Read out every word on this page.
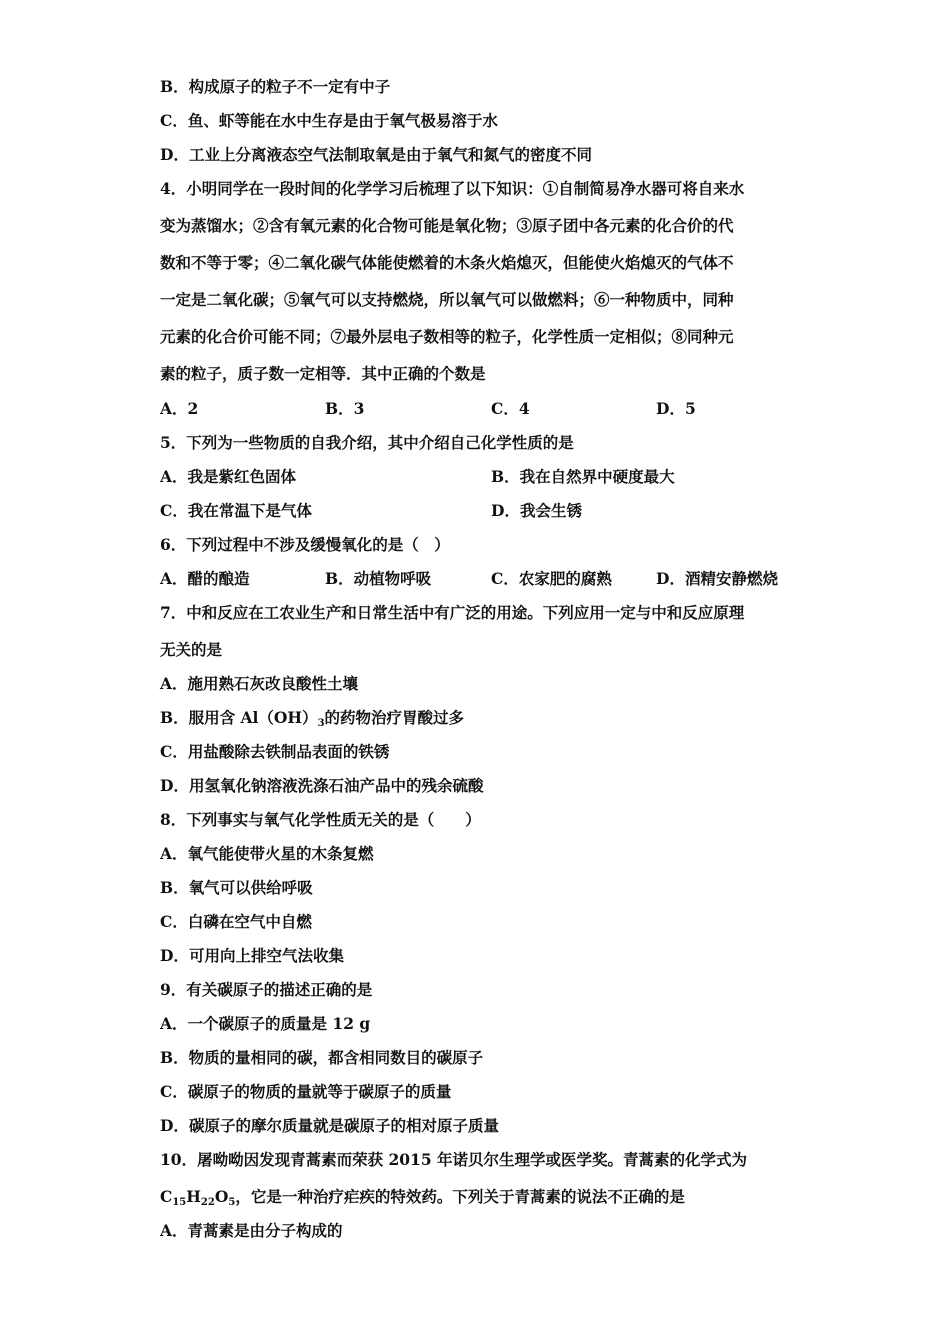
B．构成原子的粒子不一定有中子
C．鱼、虾等能在水中生存是由于氧气极易溶于水
D．工业上分离液态空气法制取氧是由于氧气和氮气的密度不同
4．小明同学在一段时间的化学学习后梳理了以下知识：①自制简易净水器可将自来水
变为蒸馏水；②含有氧元素的化合物可能是氧化物；③原子团中各元素的化合价的代
数和不等于零；④二氧化碳气体能使燃着的木条火焰熄灭，但能使火焰熄灭的气体不
一定是二氧化碳；⑤氧气可以支持燃烧，所以氧气可以做燃料；⑥一种物质中，同种
元素的化合价可能不同；⑦最外层电子数相等的粒子，化学性质一定相似；⑧同种元
素的粒子，质子数一定相等．其中正确的个数是
A．2	B．3	C．4	D．5
5．下列为一些物质的自我介绍，其中介绍自己化学性质的是
A．我是紫红色固体	B．我在自然界中硬度最大
C．我在常温下是气体	D．我会生锈
6．下列过程中不涉及缓慢氧化的是（　）
A．醋的酿造	B．动植物呼吸	C．农家肥的腐熟	D．酒精安静燃烧
7．中和反应在工农业生产和日常生活中有广泛的用途。下列应用一定与中和反应原理
无关的是
A．施用熟石灰改良酸性土壤
B．服用含 $Al(OH)_3$的药物治疗胃酸过多
C．用盐酸除去铁制品表面的铁锈
D．用氢氧化钠溶液洗涤石油产品中的残余硫酸
8．下列事实与氧气化学性质无关的是（　　）
A．氧气能使带火星的木条复燃
B．氧气可以供给呼吸
C．白磷在空气中自燃
D．可用向上排空气法收集
9．有关碳原子的描述正确的是
A．一个碳原子的质量是 12 g
B．物质的量相同的碳，都含相同数目的碳原子
C．碳原子的物质的量就等于碳原子的质量
D．碳原子的摩尔质量就是碳原子的相对原子质量
10．屠呦呦因发现青蒿素而荣获 2015 年诺贝尔生理学或医学奖。青蒿素的化学式为
$C_{15}H_{22}O_5$，它是一种治疗疟疾的特效药。下列关于青蒿素的说法不正确的是
A．青蒿素是由分子构成的
